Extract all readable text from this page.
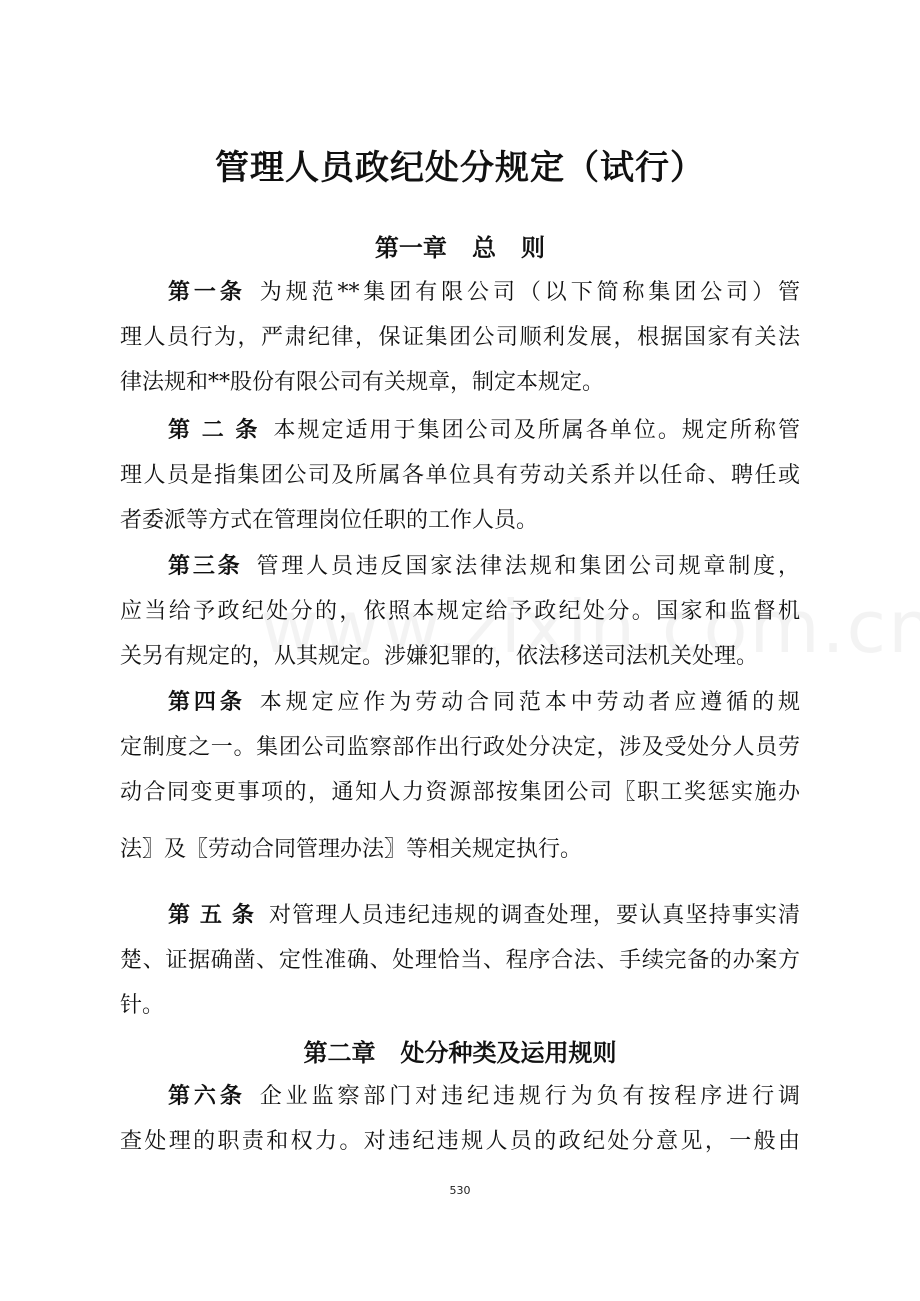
管理人员政纪处分规定（试行）
第一章   总   则
第一条 为规范**集团有限公司（以下简称集团公司）管
理人员行为，严肃纪律，保证集团公司顺利发展，根据国家有关法
律法规和**股份有限公司有关规章，制定本规定。
第 二 条 本规定适用于集团公司及所属各单位。规定所称管
理人员是指集团公司及所属各单位具有劳动关系并以任命、聘任或
者委派等方式在管理岗位任职的工作人员。
第三条 管理人员违反国家法律法规和集团公司规章制度，
应当给予政纪处分的，依照本规定给予政纪处分。国家和监督机
关另有规定的，从其规定。涉嫌犯罪的，依法移送司法机关处理。
第四条 本规定应作为劳动合同范本中劳动者应遵循的规
定制度之一。集团公司监察部作出行政处分决定，涉及受处分人员劳
动合同变更事项的，通知人力资源部按集团公司〖职工奖惩实施办
法〗及〖劳动合同管理办法〗等相关规定执行。
第 五 条 对管理人员违纪违规的调查处理，要认真坚持事实清
楚、证据确凿、定性准确、处理恰当、程序合法、手续完备的办案方
针。
第二章   处分种类及运用规则
第六条 企业监察部门对违纪违规行为负有按程序进行调
查处理的职责和权力。对违纪违规人员的政纪处分意见，一般由

530
